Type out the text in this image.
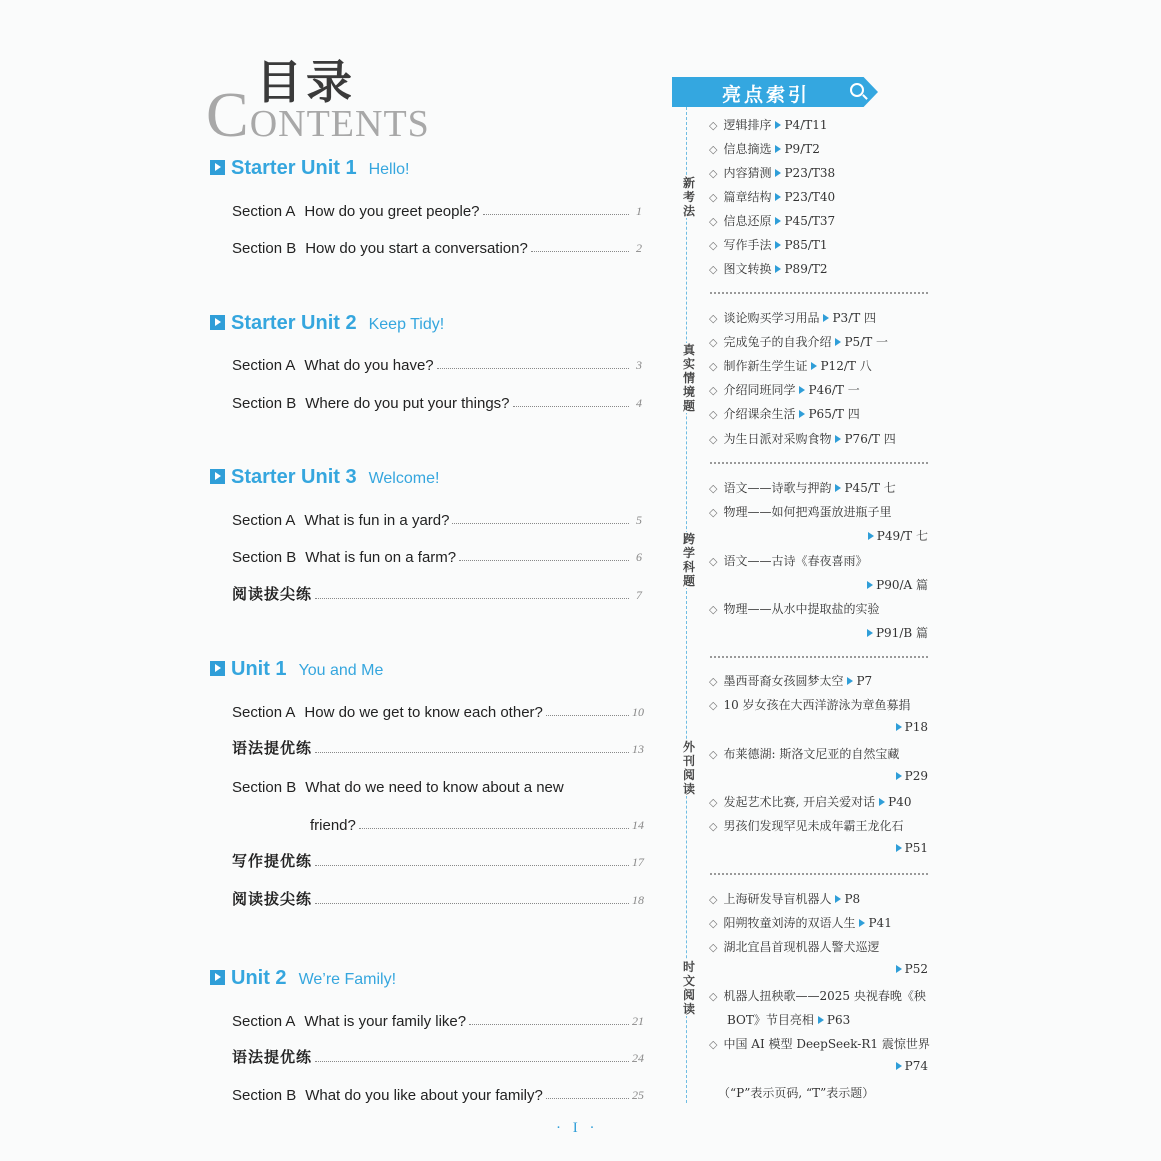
目录
CONTENTS
Starter Unit 1 Hello!
Section A How do you greet people?	1
Section B How do you start a conversation?	2
Starter Unit 2 Keep Tidy!
Section A What do you have?	3
Section B Where do you put your things?	4
Starter Unit 3 Welcome!
Section A What is fun in a yard?	5
Section B What is fun on a farm?	6
阅读拔尖练	7
Unit 1 You and Me
Section A How do we get to know each other?	10
语法提优练	13
Section B What do we need to know about a new
friend?	14
写作提优练	17
阅读拔尖练	18
Unit 2 We’re Family!
Section A What is your family like?	21
语法提优练	24
Section B What do you like about your family?	25
亮点索引
新
考
法
◇ 逻辑排序 P4/T11
◇ 信息摘选 P9/T2
◇ 内容猜测 P23/T38
◇ 篇章结构 P23/T40
◇ 信息还原 P45/T37
◇ 写作手法 P85/T1
◇ 图文转换 P89/T2
真
实
情
境
题
◇ 谈论购买学习用品 P3/T 四
◇ 完成兔子的自我介绍 P5/T 一
◇ 制作新生学生证 P12/T 八
◇ 介绍同班同学 P46/T 一
◇ 介绍课余生活 P65/T 四
◇ 为生日派对采购食物 P76/T 四
跨
学
科
题
◇ 语文——诗歌与押韵 P45/T 七
◇ 物理——如何把鸡蛋放进瓶子里
P49/T 七
◇ 语文——古诗《春夜喜雨》
P90/A 篇
◇ 物理——从水中提取盐的实验
P91/B 篇
外
刊
阅
读
◇ 墨西哥裔女孩圆梦太空 P7
◇ 10 岁女孩在大西洋游泳为章鱼募捐
P18
◇ 布莱德湖: 斯洛文尼亚的自然宝藏
P29
◇ 发起艺术比赛, 开启关爱对话 P40
◇ 男孩们发现罕见未成年霸王龙化石
P51
时
文
阅
读
◇ 上海研发导盲机器人 P8
◇ 阳朔牧童刘涛的双语人生 P41
◇ 湖北宜昌首现机器人警犬巡逻
P52
◇ 机器人扭秧歌——2025 央视春晚《秧
BOT》节目亮相 P63
◇ 中国 AI 模型 DeepSeek-R1 震惊世界
P74
（“P”表示页码, “T”表示题）
· I ·
